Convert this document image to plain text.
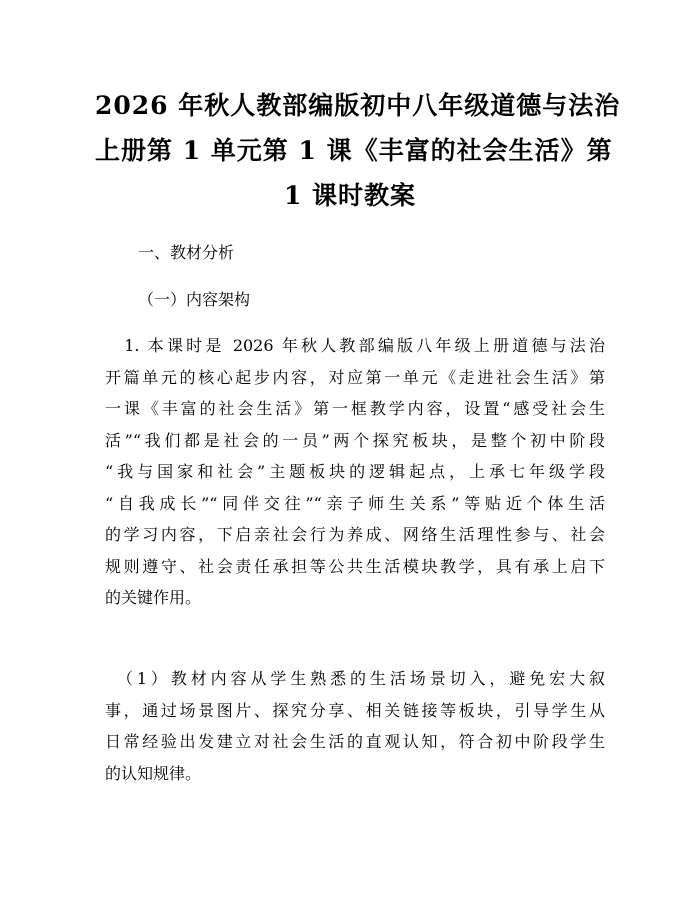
2026 年秋人教部编版初中八年级道德与法治
上册第 1 单元第 1 课《丰富的社会生活》第
1 课时教案
一、教材分析
（一）内容架构
　1. 本课时是 2026 年秋人教部编版八年级上册道德与法治
开篇单元的核心起步内容，对应第一单元《走进社会生活》第
一课《丰富的社会生活》第一框教学内容，设置“感受社会生
活”“我们都是社会的一员”两个探究板块，是整个初中阶段
“我与国家和社会”主题板块的逻辑起点，上承七年级学段
“自我成长”“同伴交往”“亲子师生关系”等贴近个体生活
的学习内容，下启亲社会行为养成、网络生活理性参与、社会
规则遵守、社会责任承担等公共生活模块教学，具有承上启下
的关键作用。
　（1）教材内容从学生熟悉的生活场景切入，避免宏大叙
事，通过场景图片、探究分享、相关链接等板块，引导学生从
日常经验出发建立对社会生活的直观认知，符合初中阶段学生
的认知规律。
